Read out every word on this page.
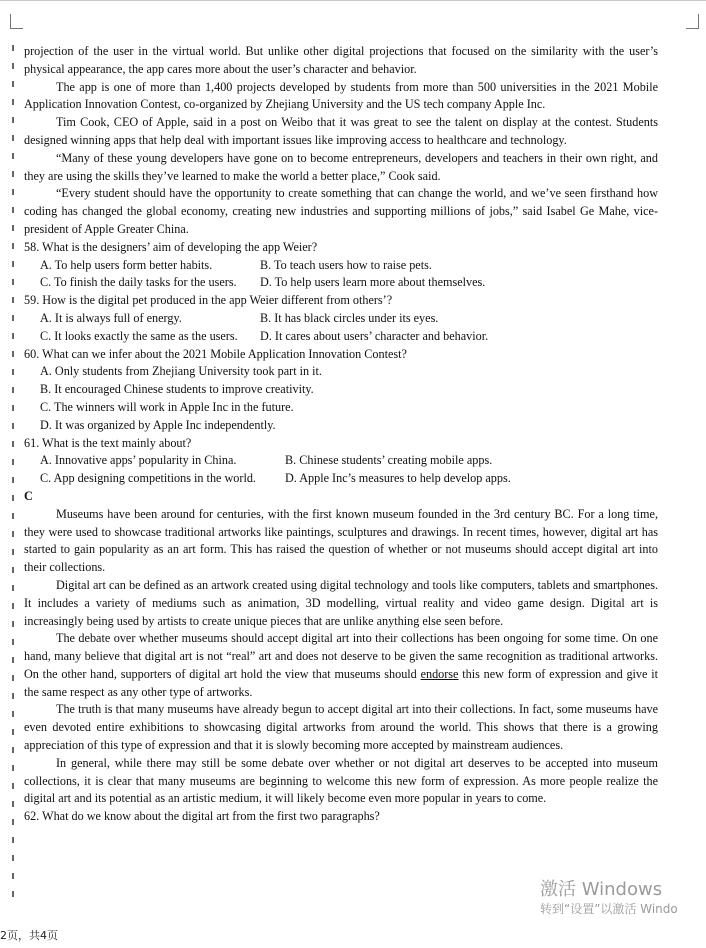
projection of the user in the virtual world. But unlike other digital projections that focused on the similarity with the user’s physical appearance, the app cares more about the user’s character and behavior.

The app is one of more than 1,400 projects developed by students from more than 500 universities in the 2021 Mobile Application Innovation Contest, co-organized by Zhejiang University and the US tech company Apple Inc.

Tim Cook, CEO of Apple, said in a post on Weibo that it was great to see the talent on display at the contest. Students designed winning apps that help deal with important issues like improving access to healthcare and technology.

“Many of these young developers have gone on to become entrepreneurs, developers and teachers in their own right, and they are using the skills they’ve learned to make the world a better place,” Cook said.

“Every student should have the opportunity to create something that can change the world, and we’ve seen firsthand how coding has changed the global economy, creating new industries and supporting millions of jobs,” said Isabel Ge Mahe, vice-president of Apple Greater China.

58. What is the designers’ aim of developing the app Weier?

A. To help users form better habits.	B. To teach users how to raise pets.
C. To finish the daily tasks for the users.	D. To help users learn more about themselves.

59. How is the digital pet produced in the app Weier different from others’?

A. It is always full of energy.	B. It has black circles under its eyes.
C. It looks exactly the same as the users.	D. It cares about users’ character and behavior.

60. What can we infer about the 2021 Mobile Application Innovation Contest?

A. Only students from Zhejiang University took part in it.

B. It encouraged Chinese students to improve creativity.

C. The winners will work in Apple Inc in the future.

D. It was organized by Apple Inc independently.

61. What is the text mainly about?

A. Innovative apps’ popularity in China.	B. Chinese students’ creating mobile apps.
C. App designing competitions in the world.	D. Apple Inc’s measures to help develop apps.

C

Museums have been around for centuries, with the first known museum founded in the 3rd century BC. For a long time, they were used to showcase traditional artworks like paintings, sculptures and drawings. In recent times, however, digital art has started to gain popularity as an art form. This has raised the question of whether or not museums should accept digital art into their collections.

Digital art can be defined as an artwork created using digital technology and tools like computers, tablets and smartphones. It includes a variety of mediums such as animation, 3D modelling, virtual reality and video game design. Digital art is increasingly being used by artists to create unique pieces that are unlike anything else seen before.

The debate over whether museums should accept digital art into their collections has been ongoing for some time. On one hand, many believe that digital art is not “real” art and does not deserve to be given the same recognition as traditional artworks. On the other hand, supporters of digital art hold the view that museums should endorse this new form of expression and give it the same respect as any other type of artworks.

The truth is that many museums have already begun to accept digital art into their collections. In fact, some museums have even devoted entire exhibitions to showcasing digital artworks from around the world. This shows that there is a growing appreciation of this type of expression and that it is slowly becoming more accepted by mainstream audiences.

In general, while there may still be some debate over whether or not digital art deserves to be accepted into museum collections, it is clear that many museums are beginning to welcome this new form of expression. As more people realize the digital art and its potential as an artistic medium, it will likely become even more popular in years to come.

62. What do we know about the digital art from the first two paragraphs?

激活 Windows
转到“设置”以激活 Windo
2页，共4页
